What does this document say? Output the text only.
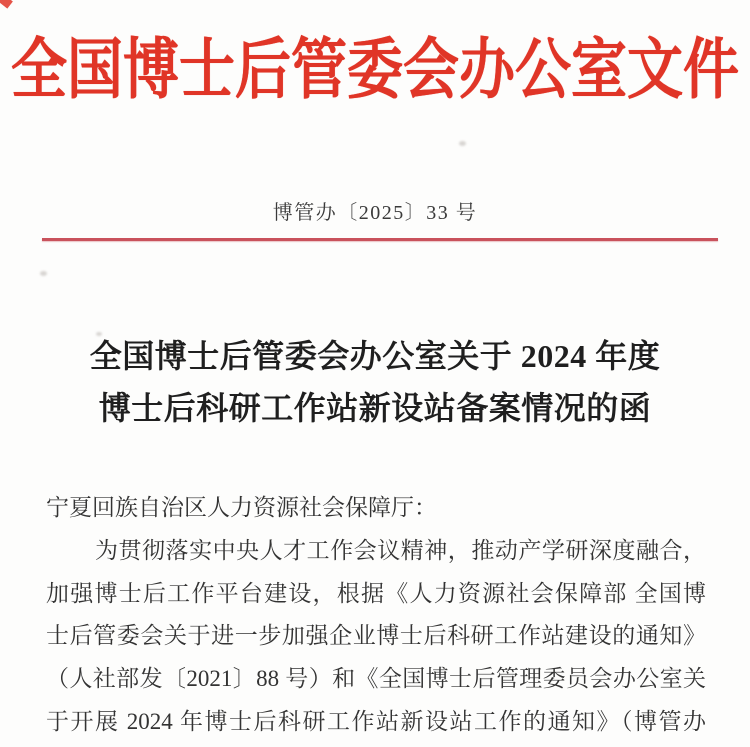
全国博士后管委会办公室文件
博管办〔2025〕33 号
全国博士后管委会办公室关于 2024 年度
博士后科研工作站新设站备案情况的函
宁夏回族自治区人力资源社会保障厅：
为贯彻落实中央人才工作会议精神，推动产学研深度融合，
加强博士后工作平台建设，根据《人力资源社会保障部 全国博
士后管委会关于进一步加强企业博士后科研工作站建设的通知》
（人社部发〔2021〕88 号）和《全国博士后管理委员会办公室关
于开展 2024 年博士后科研工作站新设站工作的通知》（博管办
